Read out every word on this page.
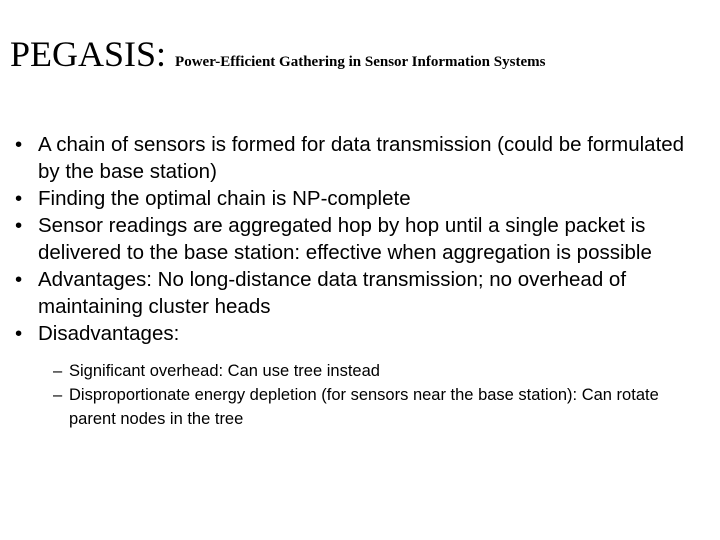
PEGASIS: Power-Efficient Gathering in Sensor Information Systems
• A chain of sensors is formed for data transmission (could be formulated by the base station)
• Finding the optimal chain is NP-complete
• Sensor readings are aggregated hop by hop until a single packet is delivered to the base station: effective when aggregation is possible
• Advantages: No long-distance data transmission; no overhead of maintaining cluster heads
• Disadvantages:
– Significant overhead: Can use tree instead
– Disproportionate energy depletion (for sensors near the base station): Can rotate parent nodes in the tree
